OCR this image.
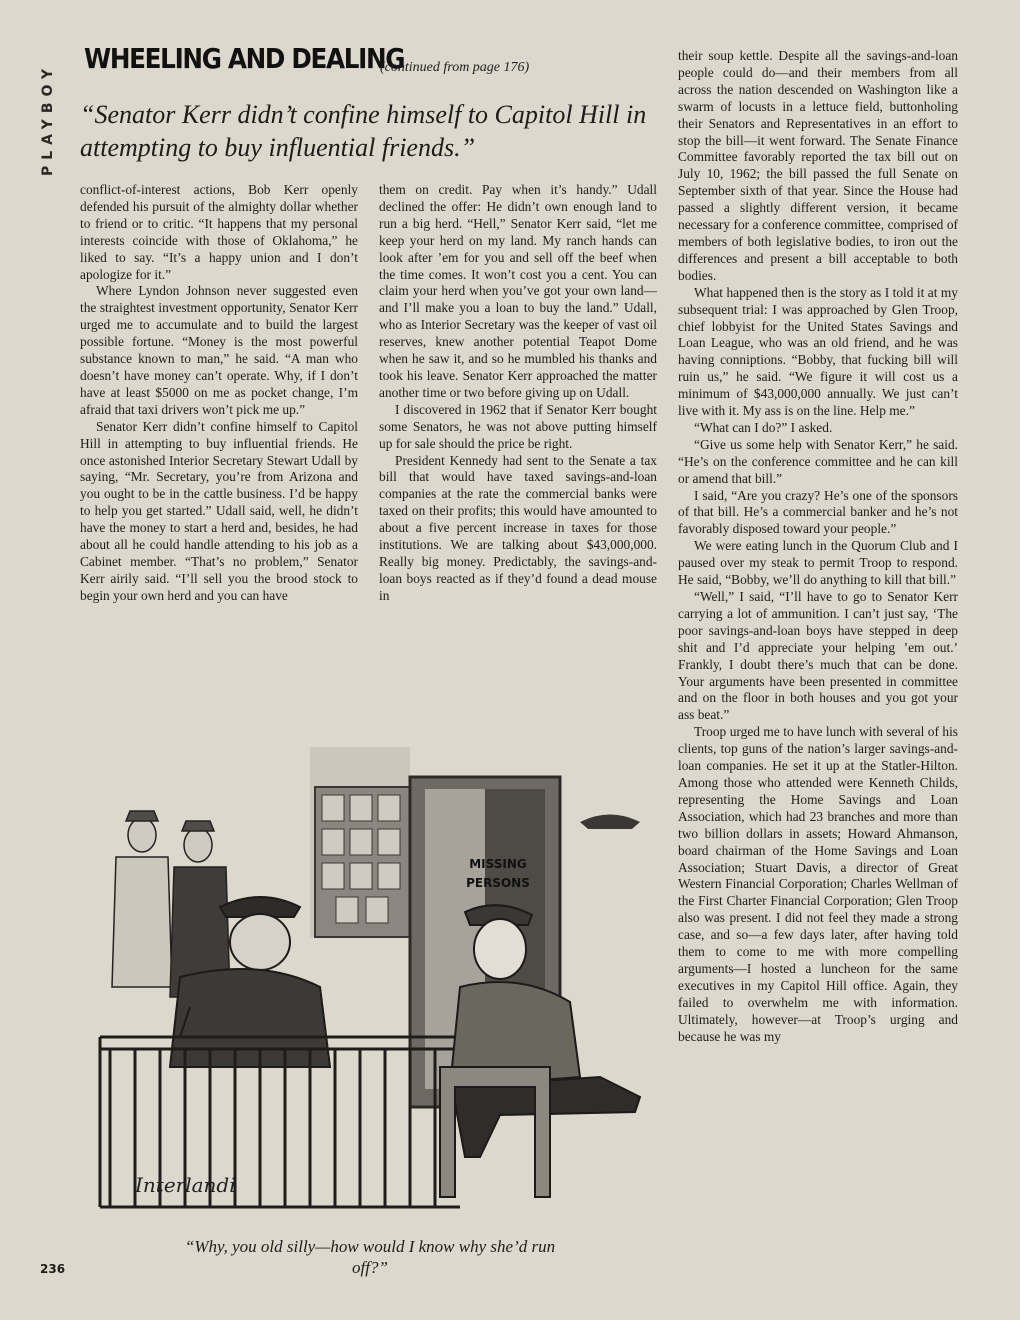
PLAYBOY
WHEELING AND DEALING
(continued from page 176)
“Senator Kerr didn’t confine himself to Capitol Hill in attempting to buy influential friends.”

conflict-of-interest actions, Bob Kerr openly defended his pursuit of the almighty dollar whether to friend or to critic. “It happens that my personal interests coincide with those of Oklahoma,” he liked to say. “It’s a happy union and I don’t apologize for it.”

Where Lyndon Johnson never suggested even the straightest investment opportunity, Senator Kerr urged me to accumulate and to build the largest possible fortune. “Money is the most powerful substance known to man,” he said. “A man who doesn’t have money can’t operate. Why, if I don’t have at least $5000 on me as pocket change, I’m afraid that taxi drivers won’t pick me up.”

Senator Kerr didn’t confine himself to Capitol Hill in attempting to buy influential friends. He once astonished Interior Secretary Stewart Udall by saying, “Mr. Secretary, you’re from Arizona and you ought to be in the cattle business. I’d be happy to help you get started.” Udall said, well, he didn’t have the money to start a herd and, besides, he had about all he could handle attending to his job as a Cabinet member. “That’s no problem,” Senator Kerr airily said. “I’ll sell you the brood stock to begin your own herd and you can have

them on credit. Pay when it’s handy.” Udall declined the offer: He didn’t own enough land to run a big herd. “Hell,” Senator Kerr said, “let me keep your herd on my land. My ranch hands can look after ’em for you and sell off the beef when the time comes. It won’t cost you a cent. You can claim your herd when you’ve got your own land—and I’ll make you a loan to buy the land.” Udall, who as Interior Secretary was the keeper of vast oil reserves, knew another potential Teapot Dome when he saw it, and so he mumbled his thanks and took his leave. Senator Kerr approached the matter another time or two before giving up on Udall.

I discovered in 1962 that if Senator Kerr bought some Senators, he was not above putting himself up for sale should the price be right.

President Kennedy had sent to the Senate a tax bill that would have taxed savings-and-loan companies at the rate the commercial banks were taxed on their profits; this would have amounted to about a five percent increase in taxes for those institutions. We are talking about $43,000,000. Really big money. Predictably, the savings-and-loan boys reacted as if they’d found a dead mouse in

their soup kettle. Despite all the savings-and-loan people could do—and their members from all across the nation descended on Washington like a swarm of locusts in a lettuce field, buttonholing their Senators and Representatives in an effort to stop the bill—it went forward. The Senate Finance Committee favorably reported the tax bill out on July 10, 1962; the bill passed the full Senate on September sixth of that year. Since the House had passed a slightly different version, it became necessary for a conference committee, comprised of members of both legislative bodies, to iron out the differences and present a bill acceptable to both bodies.

What happened then is the story as I told it at my subsequent trial: I was approached by Glen Troop, chief lobbyist for the United States Savings and Loan League, who was an old friend, and he was having conniptions. “Bobby, that fucking bill will ruin us,” he said. “We figure it will cost us a minimum of $43,000,000 annually. We just can’t live with it. My ass is on the line. Help me.”

“What can I do?” I asked.

“Give us some help with Senator Kerr,” he said. “He’s on the conference committee and he can kill or amend that bill.”

I said, “Are you crazy? He’s one of the sponsors of that bill. He’s a commercial banker and he’s not favorably disposed toward your people.”

We were eating lunch in the Quorum Club and I paused over my steak to permit Troop to respond. He said, “Bobby, we’ll do anything to kill that bill.”

“Well,” I said, “I’ll have to go to Senator Kerr carrying a lot of ammunition. I can’t just say, ‘The poor savings-and-loan boys have stepped in deep shit and I’d appreciate your helping ’em out.’ Frankly, I doubt there’s much that can be done. Your arguments have been presented in committee and on the floor in both houses and you got your ass beat.”

Troop urged me to have lunch with several of his clients, top guns of the nation’s larger savings-and-loan companies. He set it up at the Statler-Hilton. Among those who attended were Kenneth Childs, representing the Home Savings and Loan Association, which had 23 branches and more than two billion dollars in assets; Howard Ahmanson, board chairman of the Home Savings and Loan Association; Stuart Davis, a director of Great Western Financial Corporation; Charles Wellman of the First Charter Financial Corporation; Glen Troop also was present. I did not feel they made a strong case, and so—a few days later, after having told them to come to me with more compelling arguments—I hosted a luncheon for the same executives in my Capitol Hill office. Again, they failed to overwhelm me with information. Ultimately, however—at Troop’s urging and because he was my

MISSING
PERSONS
Interlandi
“Why, you old silly—how would I know why she’d run off?”
236
